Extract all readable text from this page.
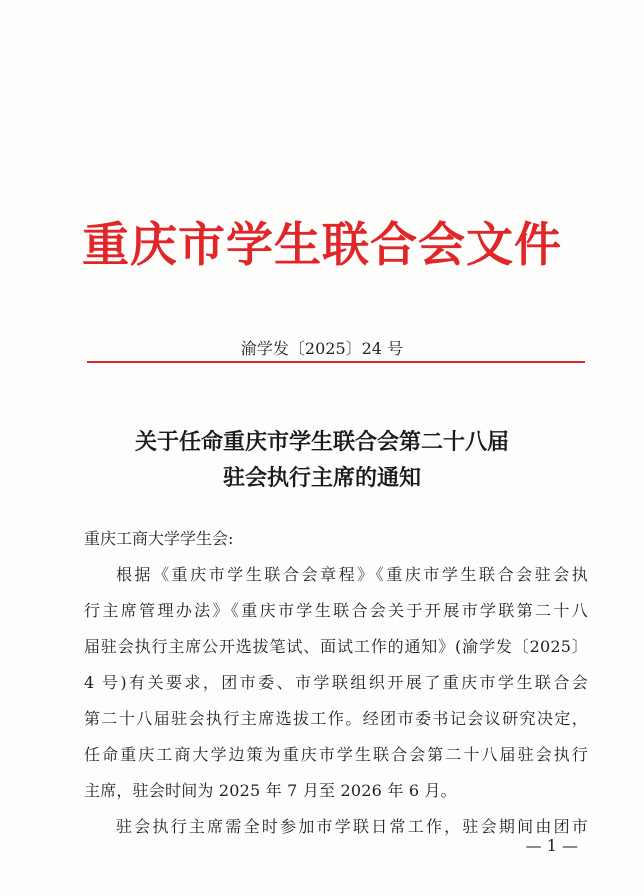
重庆市学生联合会文件
渝学发〔2025〕24 号
关于任命重庆市学生联合会第二十八届
驻会执行主席的通知
重庆工商大学学生会:
根据《重庆市学生联合会章程》《重庆市学生联合会驻会执
行主席管理办法》《重庆市学生联合会关于开展市学联第二十八
届驻会执行主席公开选拔笔试、面试工作的通知》(渝学发〔2025〕
4 号)有关要求，团市委、市学联组织开展了重庆市学生联合会
第二十八届驻会执行主席选拔工作。经团市委书记会议研究决定，
任命重庆工商大学边策为重庆市学生联合会第二十八届驻会执行
主席，驻会时间为 2025 年 7 月至 2026 年 6 月。
驻会执行主席需全时参加市学联日常工作，驻会期间由团市
— 1 —
